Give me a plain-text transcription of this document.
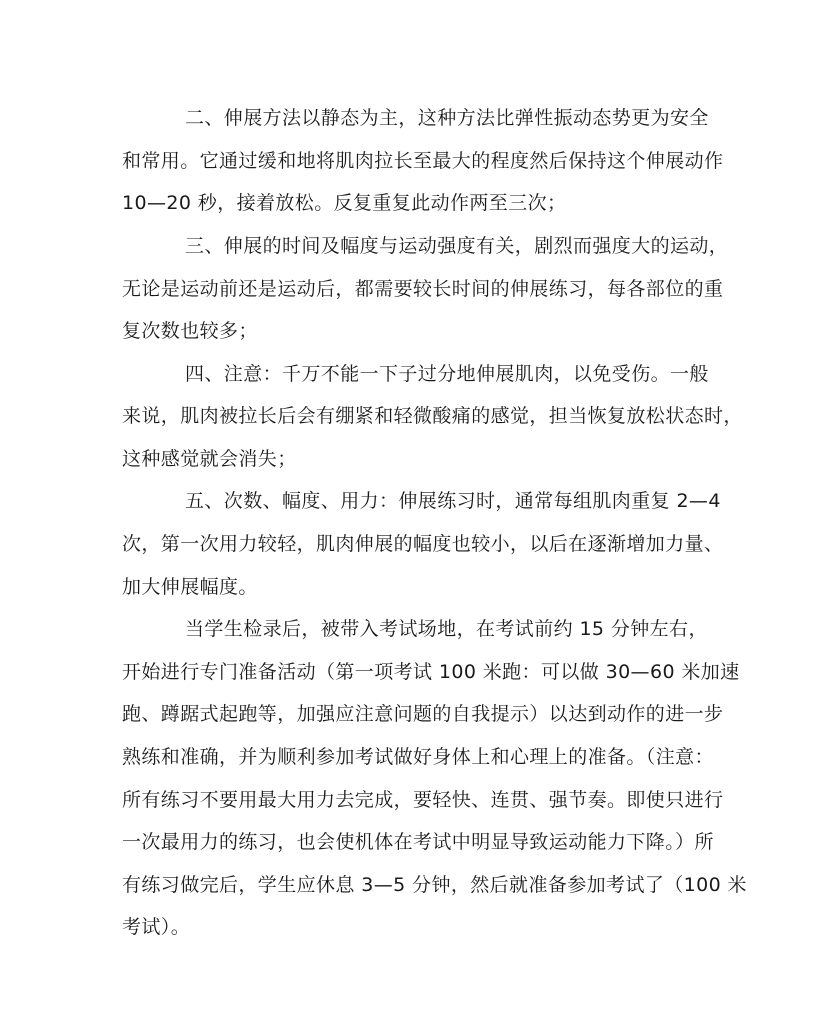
二、伸展方法以静态为主，这种方法比弹性振动态势更为安全
和常用。它通过缓和地将肌肉拉长至最大的程度然后保持这个伸展动作
10—20 秒，接着放松。反复重复此动作两至三次；
三、伸展的时间及幅度与运动强度有关，剧烈而强度大的运动，
无论是运动前还是运动后，都需要较长时间的伸展练习，每各部位的重
复次数也较多；
四、注意：千万不能一下子过分地伸展肌肉，以免受伤。一般
来说，肌肉被拉长后会有绷紧和轻微酸痛的感觉，担当恢复放松状态时，
这种感觉就会消失；
五、次数、幅度、用力：伸展练习时，通常每组肌肉重复 2—4
次，第一次用力较轻，肌肉伸展的幅度也较小，以后在逐渐增加力量、
加大伸展幅度。
当学生检录后，被带入考试场地，在考试前约 15 分钟左右，
开始进行专门准备活动（第一项考试 100 米跑：可以做 30—60 米加速
跑、蹲踞式起跑等，加强应注意问题的自我提示）以达到动作的进一步
熟练和准确，并为顺利参加考试做好身体上和心理上的准备。（注意：
所有练习不要用最大用力去完成，要轻快、连贯、强节奏。即使只进行
一次最用力的练习，也会使机体在考试中明显导致运动能力下降。）所
有练习做完后，学生应休息 3—5 分钟，然后就准备参加考试了（100 米
考试）。
